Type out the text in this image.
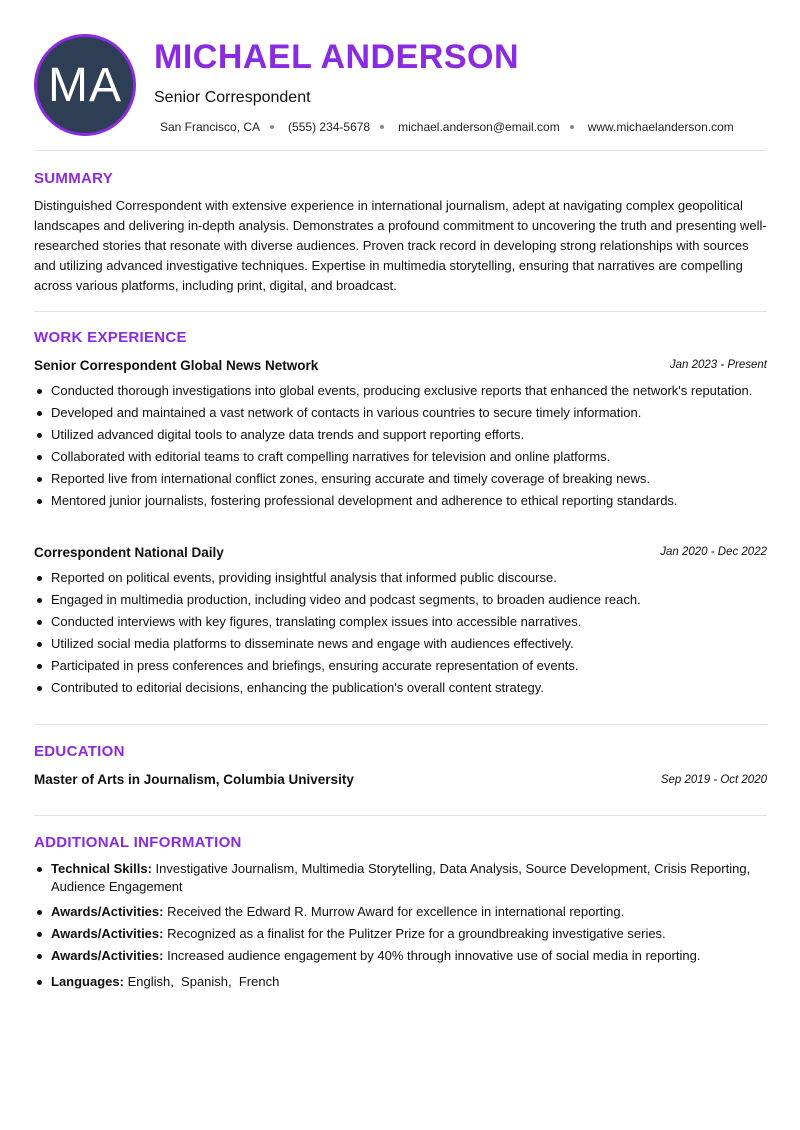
MA
MICHAEL ANDERSON
Senior Correspondent
San Francisco, CA (555) 234-5678 michael.anderson@email.com www.michaelanderson.com
SUMMARY
Distinguished Correspondent with extensive experience in international journalism, adept at navigating complex geopolitical landscapes and delivering in-depth analysis. Demonstrates a profound commitment to uncovering the truth and presenting well-researched stories that resonate with diverse audiences. Proven track record in developing strong relationships with sources and utilizing advanced investigative techniques. Expertise in multimedia storytelling, ensuring that narratives are compelling across various platforms, including print, digital, and broadcast.
WORK EXPERIENCE
Senior Correspondent Global News Network	Jan 2023 - Present
Conducted thorough investigations into global events, producing exclusive reports that enhanced the network's reputation.
Developed and maintained a vast network of contacts in various countries to secure timely information.
Utilized advanced digital tools to analyze data trends and support reporting efforts.
Collaborated with editorial teams to craft compelling narratives for television and online platforms.
Reported live from international conflict zones, ensuring accurate and timely coverage of breaking news.
Mentored junior journalists, fostering professional development and adherence to ethical reporting standards.
Correspondent National Daily	Jan 2020 - Dec 2022
Reported on political events, providing insightful analysis that informed public discourse.
Engaged in multimedia production, including video and podcast segments, to broaden audience reach.
Conducted interviews with key figures, translating complex issues into accessible narratives.
Utilized social media platforms to disseminate news and engage with audiences effectively.
Participated in press conferences and briefings, ensuring accurate representation of events.
Contributed to editorial decisions, enhancing the publication's overall content strategy.
EDUCATION
Master of Arts in Journalism, Columbia University	Sep 2019 - Oct 2020
ADDITIONAL INFORMATION
Technical Skills: Investigative Journalism, Multimedia Storytelling, Data Analysis, Source Development, Crisis Reporting, Audience Engagement
Awards/Activities: Received the Edward R. Murrow Award for excellence in international reporting.
Awards/Activities: Recognized as a finalist for the Pulitzer Prize for a groundbreaking investigative series.
Awards/Activities: Increased audience engagement by 40% through innovative use of social media in reporting.
Languages: English,  Spanish,  French
